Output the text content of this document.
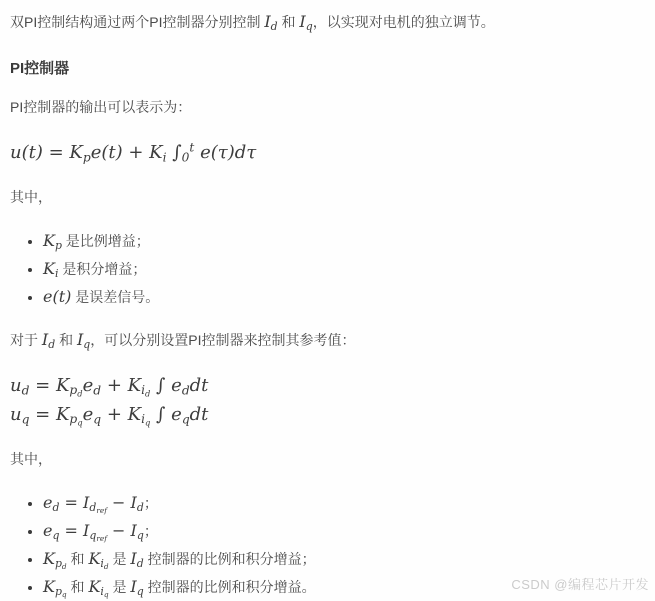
双PI控制结构通过两个PI控制器分别控制 $I_d$ 和 $I_q$，以实现对电机的独立调节。

PI控制器

PI控制器的输出可以表示为：

$u(t) = K_pe(t) + K_i$ $\int_0^t$ e(τ)dτ

其中，

• $K_p$ 是比例增益；
• $K_i$ 是积分增益；
• e(t) 是误差信号。

对于 $I_d$ 和 $I_q$，可以分别设置PI控制器来控制其参考值：

$u_d = K_{p_d}e_d + K_{i_d}$ ∫ $e_ddt$
$u_q = K_{p_q}e_q + K_{i_q}$ ∫ $e_qdt$

其中，

• $e_d = I_{d_{ref}} - I_d$；
• $e_q = I_{q_{ref}} - I_q$；
• $K_{p_d}$ 和 $K_{i_d}$ 是 $I_d$ 控制器的比例和积分增益；
• $K_{p_q}$ 和 $K_{i_q}$ 是 $I_q$ 控制器的比例和积分增益。	CSDN @编程芯片开发
